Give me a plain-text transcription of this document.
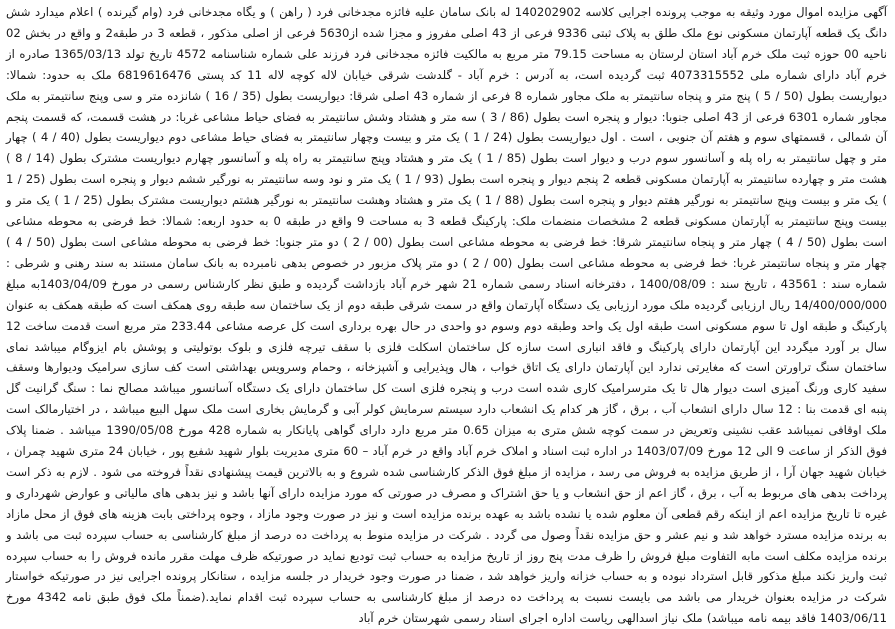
آگهی مزایده اموال مورد وثیقه به موجب پرونده اجرایی کلاسه 140202902 له بانک سامان علیه فائزه مجدخانی فرد ( راهن ) و یگاه مجدخانی فرد (وام گیرنده ) اعلام میدارد شش دانگ یک قطعه آپارتمان مسکونی نوع ملک طلق به پلاک ثبتی 9336 فرعی از 43 اصلی مفروز و مجزا شده از5630 فرعی از اصلی مذکور ، قطعه 3 در طبقه2 و واقع در بخش 02 ناحیه 00 حوزه ثبت ملک خرم آباد استان لرستان به مساحت 79.15 متر مربع به مالکیت فائزه مجدخانی فرد فرزند علی شماره شناسنامه 4572 تاریخ تولد 1365/03/13 صادره از خرم آباد دارای شماره ملی 4073315552 ثبت گردیده است، به آدرس : خرم آباد - گلدشت شرقی خیابان لاله کوچه لاله 11 کد پستی 6819616476 ملک به حدود: شمالا: دیواریست بطول (50 / 5 ) پنج متر و پنجاه سانتیمتر به ملک مجاور شماره 8 فرعی از شماره 43 اصلی شرقا: دیواریست بطول (35 / 16 ) شانزده متر و سی وپنج سانتیمتر به ملک مجاور شماره 6301 فرعی از 43 اصلی جنوبا: دیوار و پنجره است بطول (86 / 3 ) سه متر و هشتاد وشش سانتیمتر به فضای حیاط مشاعی غربا: در هشت قسمت، که قسمت پنجم آن شمالی ، قسمتهای سوم و هفتم آن جنوبی ، است . اول دیواریست بطول (24 / 1 ) یک متر و بیست وچهار سانتیمتر به فضای حیاط مشاعی دوم دیواریست بطول (40 / 4 ) چهار متر و چهل سانتیمتر به راه پله و آسانسور سوم درب و دیوار است بطول (85 / 1 ) یک متر و هشتاد وپنج سانتیمتر به راه پله و آسانسور چهارم دیواریست مشترک بطول (14 / 8 ) هشت متر و چهارده سانتیمتر به آپارتمان مسکونی قطعه 2 پنجم دیوار و پنجره است بطول (93 / 1 ) یک متر و نود وسه سانتیمتر به نورگیر ششم دیوار و پنجره است بطول (25 / 1 ) یک متر و بیست وپنج سانتیمتر به نورگیر هفتم دیوار و پنجره است بطول (88 / 1 ) یک متر و هشتاد وهشت سانتیمتر به نورگیر هشتم دیواریست مشترک بطول (25 / 1 ) یک متر و بیست وپنج سانتیمتر به آپارتمان مسکونی قطعه 2 مشخصات منضمات ملک: پارکینگ قطعه 3 به مساحت 9 واقع در طبقه 0 به حدود اربعه: شمالا: خط فرضی به محوطه مشاعی است بطول (50 / 4 ) چهار متر و پنجاه سانتیمتر شرقا: خط فرضی به محوطه مشاعی است بطول (00 / 2 ) دو متر جنوبا: خط فرضی به محوطه مشاعی است بطول (50 / 4 ) چهار متر و پنجاه سانتیمتر غربا: خط فرضی به محوطه مشاعی است بطول (00 / 2 ) دو متر پلاک مزبور در خصوص بدهی نامبرده به بانک سامان مستند به سند رهنی و شرطی : شماره سند : 43561 ، تاریخ سند : 1400/08/09 ، دفترخانه اسناد رسمی شماره 21 شهر خرم آباد بازداشت گردیده و طبق نظر کارشناس رسمی در مورخ 1403/04/09به مبلغ 14/400/000/000 ریال ارزیابی گردیده ملک مورد ارزیابی یک دستگاه آپارتمان واقع در سمت شرقی طبقه دوم از یک ساختمان سه طبقه روی همکف است که طبقه همکف به عنوان پارکینگ و طبقه اول تا سوم مسکونی است طبقه اول یک واحد وطبقه دوم وسوم دو واحدی در حال بهره برداری است کل عرصه مشاعی 233.44 متر مربع است قدمت ساخت 12 سال بر آورد میگردد این آپارتمان دارای پارکینگ و فاقد انباری است سازه کل ساختمان اسکلت فلزی با سقف تیرچه فلزی و بلوک بوتولیتی و پوشش بام ایزوگام میباشد نمای ساختمان سنگ تراورتن است که مغایرتی ندارد این آپارتمان دارای یک اتاق خواب ، هال وپذیرایی و آشپزخانه ، وحمام وسرویس بهداشتی است کف سازی سرامیک ودیوارها وسقف سفید کاری ورنگ آمیزی است دیوار هال تا یک مترسرامیک کاری شده است درب و پنجره فلزی است کل ساختمان دارای یک دستگاه آسانسور میباشد مصالح نما : سنگ گرانیت گل پنبه ای قدمت بنا : 12 سال دارای انشعاب آب ، برق ، گاز هر کدام یک انشعاب دارد سیستم سرمایش کولر آبی و گرمایش بخاری است ملک سهل البیع میباشد ، در اختیارمالک است ملک اوقافی نمیباشد عقب نشینی وتعریض در سمت کوچه شش متری به میزان 0.65 متر مربع دارد دارای گواهی پایانکار به شماره 428 مورخ 1390/05/08 میباشد . ضمنا پلاک فوق الذکر از ساعت 9 الی 12 مورخ 1403/07/09 در اداره ثبت اسناد و املاک خرم آباد واقع در خرم آباد – 60 متری مدیریت بلوار شهید شفیع پور ، خیابان 24 متری شهید چمران ، خیابان شهید جهان آرا ، از طریق مزایده به فروش می رسد ، مزایده از مبلغ فوق الذکر کارشناسی شده شروع و به بالاترین قیمت پیشنهادی نقداً فروخته می شود . لازم به ذکر است پرداخت بدهی های مربوط به آب ، برق ، گاز اعم از حق انشعاب و یا حق اشتراک و مصرف در صورتی که مورد مزایده دارای آنها باشد و نیز بدهی های مالیاتی و عوارض شهرداری و غیره تا تاریخ مزایده اعم از اینکه رقم قطعی آن معلوم شده یا نشده باشد به عهده برنده مزایده است و نیز در صورت وجود مازاد ، وجوه پرداختی بابت هزینه های فوق از محل مازاد به برنده مزایده مسترد خواهد شد و نیم عشر و حق مزایده نقداً وصول می گردد . شرکت در مزایده منوط به پرداخت ده درصد از مبلغ کارشناسی به حساب سپرده ثبت می باشد و برنده مزایده مکلف است مابه التفاوت مبلغ فروش را ظرف مدت پنج روز از تاریخ مزایده به حساب ثبت تودیع نماید در صورتیکه ظرف مهلت مقرر مانده فروش را به حساب سپرده ثبت واریز نکند مبلغ مذکور قابل استرداد نبوده و به حساب خزانه واریز خواهد شد ، ضمنا در صورت وجود خریدار در جلسه مزایده ، ستانکار پرونده اجرایی نیز در صورتیکه خواستار شرکت در مزایده بعنوان خریدار می باشد می بایست نسبت به پرداخت ده درصد از مبلغ کارشناسی به حساب سپرده ثبت اقدام نماید.(ضمناً ملک فوق طبق نامه 4342 مورخ 1403/06/11 فاقد بیمه نامه میباشد) ملک نیاز اسدالهی ریاست اداره اجرای اسناد رسمی شهرستان خرم آباد
